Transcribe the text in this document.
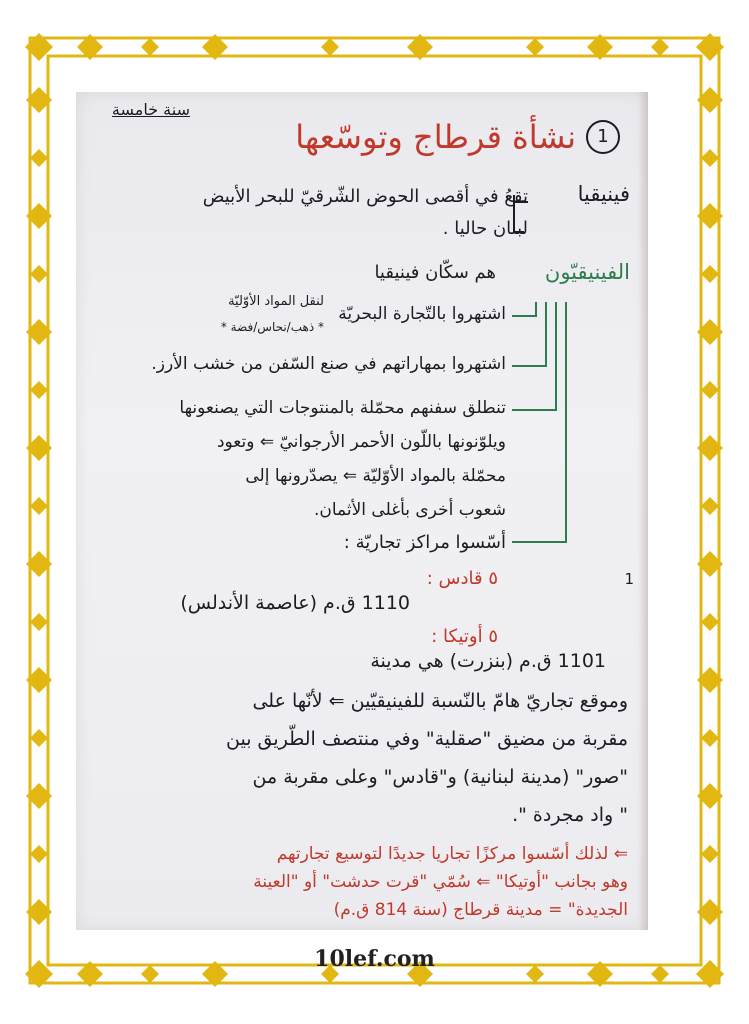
سنة خامسة
1
نشأة قرطاج وتوسّعها
فينيقيا
تقعُ في أقصى الحوض الشّرقيّ للبحر الأبيض
لبنان حاليا .
الفينيقيّون
هم سكّان فينيقيا
اشتهروا بالتّجارة البحريّة
لنقل المواد الأوّليّة
* ذهب/نحاس/فضة *
اشتهروا بمهاراتهم في صنع السّفن من خشب الأرز.
تنطلق سفنهم محمّلة بالمنتوجات التي يصنعونها
ويلوّنونها باللّون الأحمر الأرجوانيّ ⇐ وتعود
محمّلة بالمواد الأوّليّة ⇐ يصدّرونها إلى
شعوب أخرى بأغلى الأثمان.
أسّسوا مراكز تجاريّة :
1
٥ قادس :
1110 ق.م (عاصمة الأندلس)
٥ أوتيكا :
1101 ق.م (بنزرت) هي مدينة
وموقع تجاريّ هامّ بالنّسبة للفينيقيّين ⇐ لأنّها على
مقربة من مضيق "صقلية" وفي منتصف الطّريق بين
"صور" (مدينة لبنانية) و"قادس" وعلى مقربة من
" واد مجردة ".
⇐ لذلك أسّسوا مركزًا تجاريا جديدًا لتوسيع تجارتهم
وهو بجانب "أوتيكا" ⇐ سُمّي "قرت حدشت" أو "العينة
الجديدة" = مدينة قرطاج (سنة 814 ق.م)
10lef.com
